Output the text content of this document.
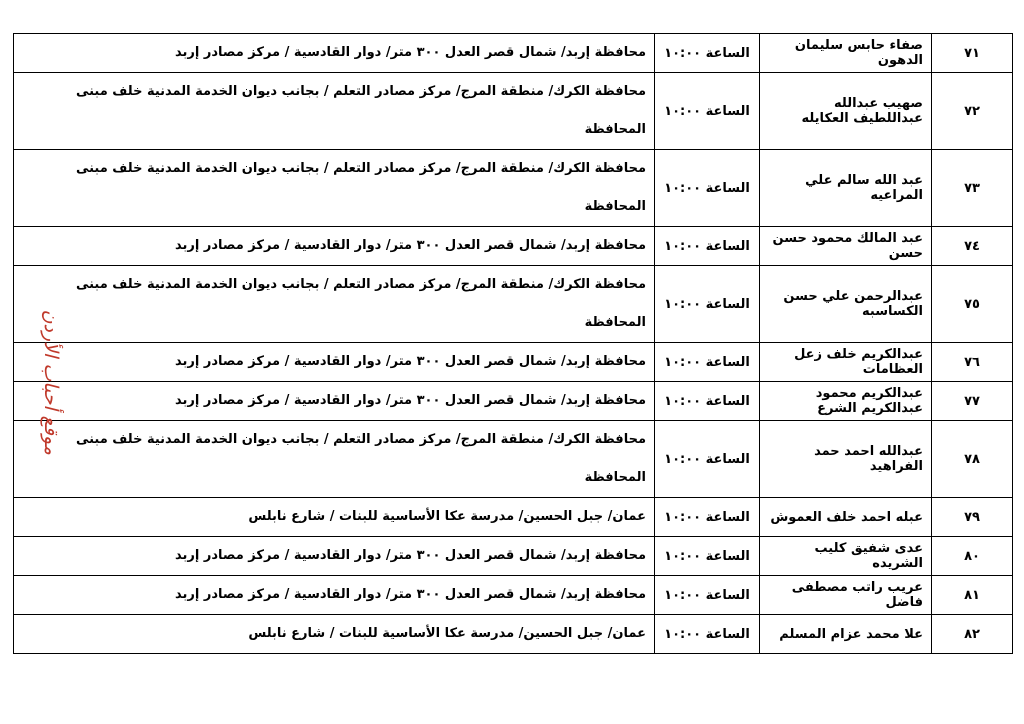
٧١	صفاء حابس سليمان الدهون	الساعة ١٠:٠٠	محافظة إربد/ شمال قصر العدل ٣٠٠ متر/ دوار القادسية / مركز مصادر إربد
٧٢	صهيب عبدالله عبداللطيف العكايله	الساعة ١٠:٠٠	محافظة الكرك/ منطقة المرج/ مركز مصادر التعلم / بجانب ديوان الخدمة المدنية خلف مبنى المحافظة
٧٣	عبد الله سالم علي المراعيه	الساعة ١٠:٠٠	محافظة الكرك/ منطقة المرج/ مركز مصادر التعلم / بجانب ديوان الخدمة المدنية خلف مبنى المحافظة
٧٤	عبد المالك محمود حسن حسن	الساعة ١٠:٠٠	محافظة إربد/ شمال قصر العدل ٣٠٠ متر/ دوار القادسية / مركز مصادر إربد
٧٥	عبدالرحمن علي حسن الكساسبه	الساعة ١٠:٠٠	محافظة الكرك/ منطقة المرج/ مركز مصادر التعلم / بجانب ديوان الخدمة المدنية خلف مبنى المحافظة
٧٦	عبدالكريم خلف زعل العظامات	الساعة ١٠:٠٠	محافظة إربد/ شمال قصر العدل ٣٠٠ متر/ دوار القادسية / مركز مصادر إربد
٧٧	عبدالكريم محمود عبدالكريم الشرع	الساعة ١٠:٠٠	محافظة إربد/ شمال قصر العدل ٣٠٠ متر/ دوار القادسية / مركز مصادر إربد
٧٨	عبدالله احمد حمد الفراهيد	الساعة ١٠:٠٠	محافظة الكرك/ منطقة المرج/ مركز مصادر التعلم / بجانب ديوان الخدمة المدنية خلف مبنى المحافظة
٧٩	عبله احمد خلف العموش	الساعة ١٠:٠٠	عمان/ جبل الحسين/ مدرسة عكا الأساسية للبنات / شارع نابلس
٨٠	عدى شفيق كليب الشريده	الساعة ١٠:٠٠	محافظة إربد/ شمال قصر العدل ٣٠٠ متر/ دوار القادسية / مركز مصادر إربد
٨١	عريب راتب مصطفى فاضل	الساعة ١٠:٠٠	محافظة إربد/ شمال قصر العدل ٣٠٠ متر/ دوار القادسية / مركز مصادر إربد
٨٢	علا محمد عزام المسلم	الساعة ١٠:٠٠	عمان/ جبل الحسين/ مدرسة عكا الأساسية للبنات / شارع نابلس
موقع أحباب الأردن
